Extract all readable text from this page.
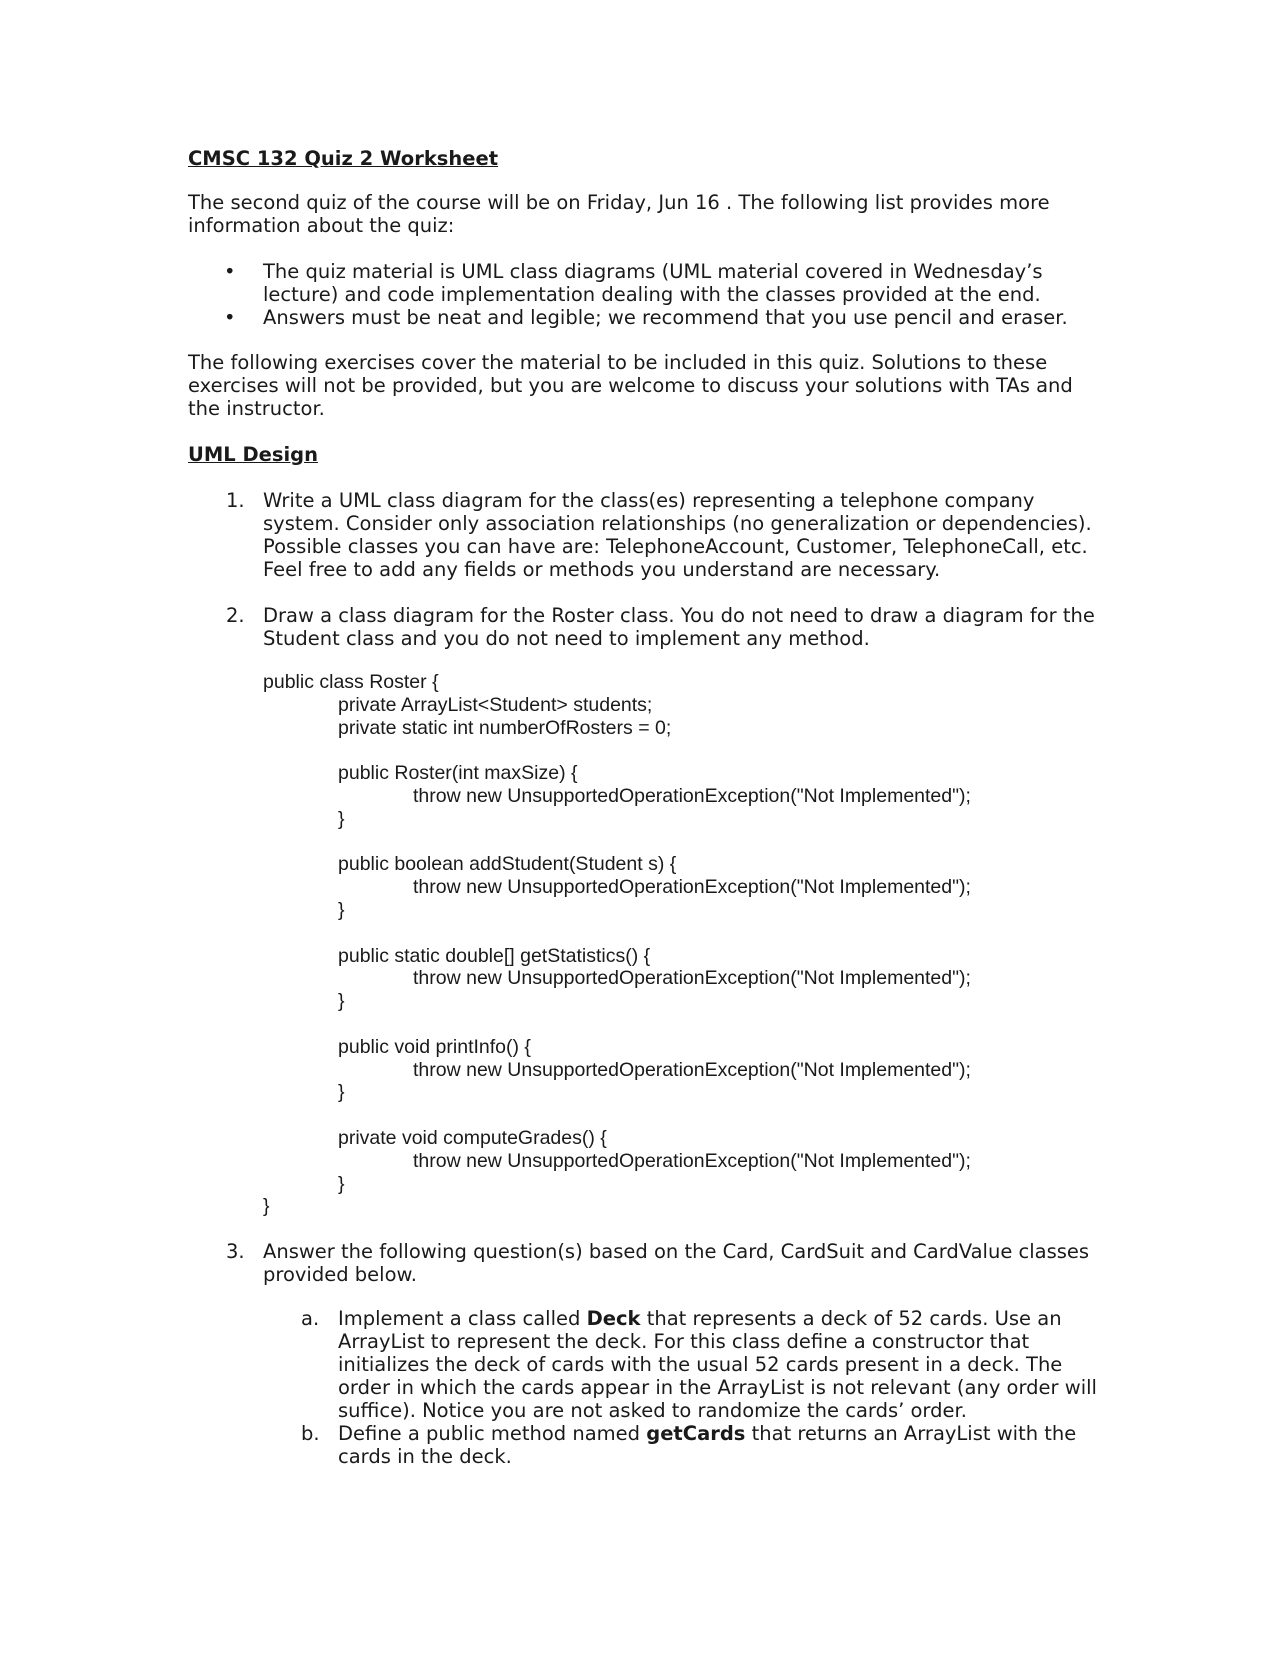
CMSC 132 Quiz 2 Worksheet

The second quiz of the course will be on Friday, Jun 16 . The following list provides more information about the quiz:

• The quiz material is UML class diagrams (UML material covered in Wednesday’s lecture) and code implementation dealing with the classes provided at the end.
• Answers must be neat and legible; we recommend that you use pencil and eraser.

The following exercises cover the material to be included in this quiz. Solutions to these exercises will not be provided, but you are welcome to discuss your solutions with TAs and the instructor.

UML Design
1. Write a UML class diagram for the class(es) representing a telephone company system. Consider only association relationships (no generalization or dependencies). Possible classes you can have are: TelephoneAccount, Customer, TelephoneCall, etc. Feel free to add any fields or methods you understand are necessary.
2. Draw a class diagram for the Roster class. You do not need to draw a diagram for the Student class and you do not need to implement any method.
public class Roster {
private ArrayList<Student> students;
private static int numberOfRosters = 0;
public Roster(int maxSize) {
throw new UnsupportedOperationException("Not Implemented");
}
public boolean addStudent(Student s) {
throw new UnsupportedOperationException("Not Implemented");
}
public static double[] getStatistics() {
throw new UnsupportedOperationException("Not Implemented");
}
public void printInfo() {
throw new UnsupportedOperationException("Not Implemented");
}
private void computeGrades() {
throw new UnsupportedOperationException("Not Implemented");
}
}
3. Answer the following question(s) based on the Card, CardSuit and CardValue classes provided below.
a. Implement a class called Deck that represents a deck of 52 cards. Use an ArrayList to represent the deck. For this class define a constructor that initializes the deck of cards with the usual 52 cards present in a deck. The order in which the cards appear in the ArrayList is not relevant (any order will suffice). Notice you are not asked to randomize the cards’ order.
b. Define a public method named getCards that returns an ArrayList with the cards in the deck.
